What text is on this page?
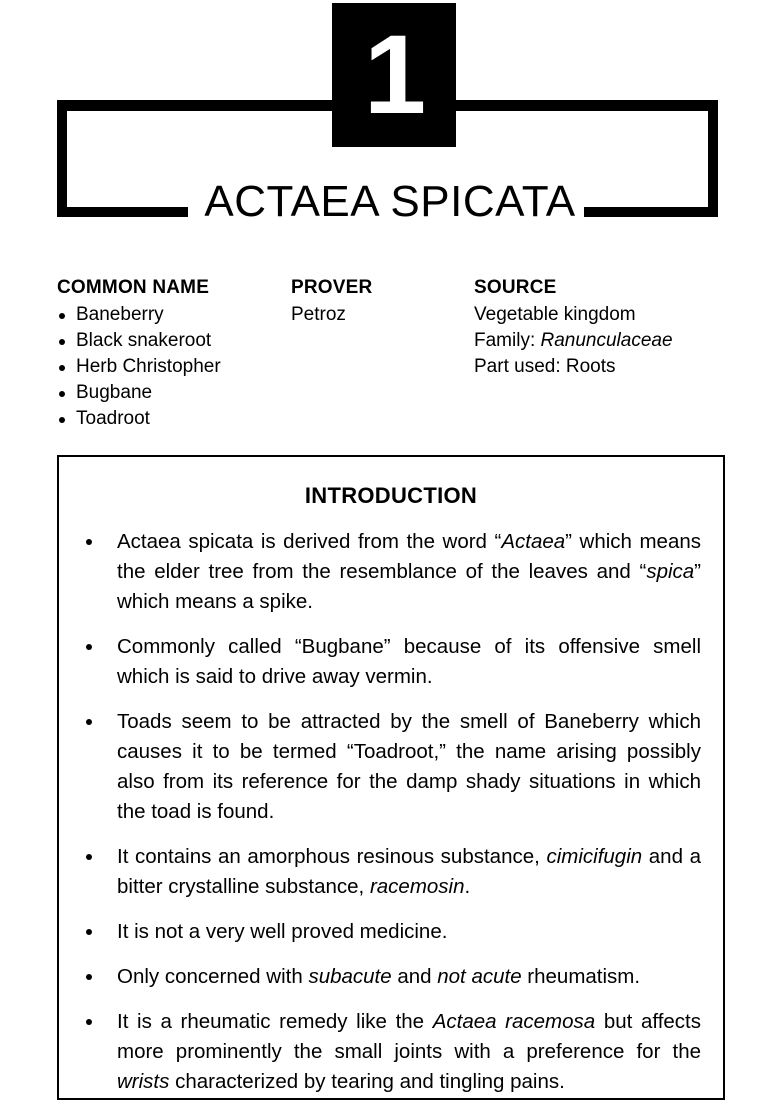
1
ACTAEA SPICATA
COMMON NAME
Baneberry
Black snakeroot
Herb Christopher
Bugbane
Toadroot
PROVER
Petroz
SOURCE
Vegetable kingdom
Family: Ranunculaceae
Part used: Roots
INTRODUCTION
Actaea spicata is derived from the word “Actaea” which means the elder tree from the resemblance of the leaves and “spica” which means a spike.
Commonly called “Bugbane” because of its offensive smell which is said to drive away vermin.
Toads seem to be attracted by the smell of Baneberry which causes it to be termed “Toadroot,” the name arising possibly also from its reference for the damp shady situations in which the toad is found.
It contains an amorphous resinous substance, cimicifugin and a bitter crystalline substance, racemosin.
It is not a very well proved medicine.
Only concerned with subacute and not acute rheumatism.
It is a rheumatic remedy like the Actaea racemosa but affects more prominently the small joints with a preference for the wrists characterized by tearing and tingling pains.
